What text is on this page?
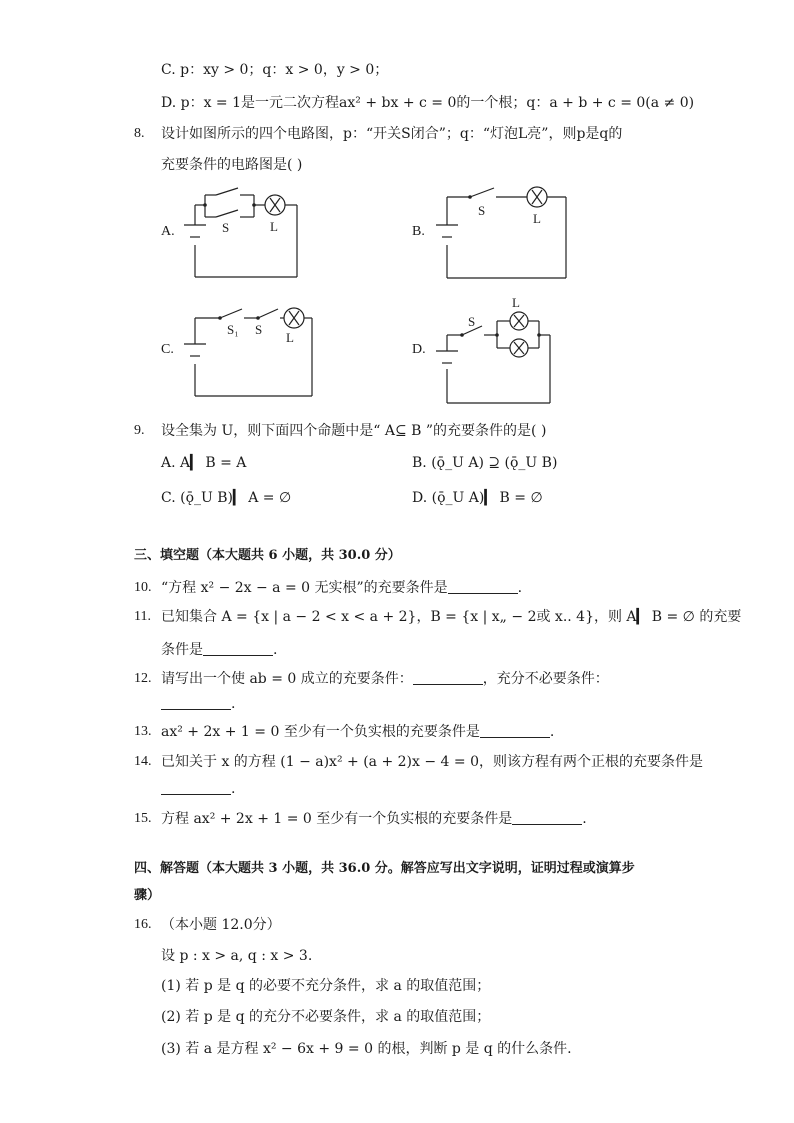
C. p：xy > 0；q：x > 0，y > 0；
D. p：x = 1是一元二次方程ax² + bx + c = 0的一个根；q：a + b + c = 0(a ≠ 0)
8. 设计如图所示的四个电路图，p：“开关S闭合”；q：“灯泡L亮”，则p是q的
充要条件的电路图是( )
A.	S	L	B.
S
L
C.
S₁ S
L
D.
S
L
9. 设全集为 U，则下面四个命题中是“ A⊆ B ”的充要条件的是( )
A. A▎ B = A	B. (ǭ_U A) ⊇ (ǭ_U B)
C. (ǭ_U B)▎ A = ∅	D. (ǭ_U A)▎ B = ∅
三、填空题（本大题共 6 小题，共 30.0 分）
10. “方程 x² − 2x − a = 0 无实根”的充要条件是	.
11. 已知集合 A = {x | a − 2 < x < a + 2}，B = {x | x„ − 2或 x.. 4}，则 A▎ B = ∅ 的充要
条件是	.
12. 请写出一个使 ab = 0 成立的充要条件：	，充分不必要条件：
.
13. ax² + 2x + 1 = 0 至少有一个负实根的充要条件是	.
14. 已知关于 x 的方程 (1 − a)x² + (a + 2)x − 4 = 0，则该方程有两个正根的充要条件是
.
15. 方程 ax² + 2x + 1 = 0 至少有一个负实根的充要条件是	.
四、解答题（本大题共 3 小题，共 36.0 分。解答应写出文字说明，证明过程或演算步
骤）
16. （本小题 12.0分）
设 p : x > a, q : x > 3.
(1) 若 p 是 q 的必要不充分条件，求 a 的取值范围；
(2) 若 p 是 q 的充分不必要条件，求 a 的取值范围；
(3) 若 a 是方程 x² − 6x + 9 = 0 的根，判断 p 是 q 的什么条件.
